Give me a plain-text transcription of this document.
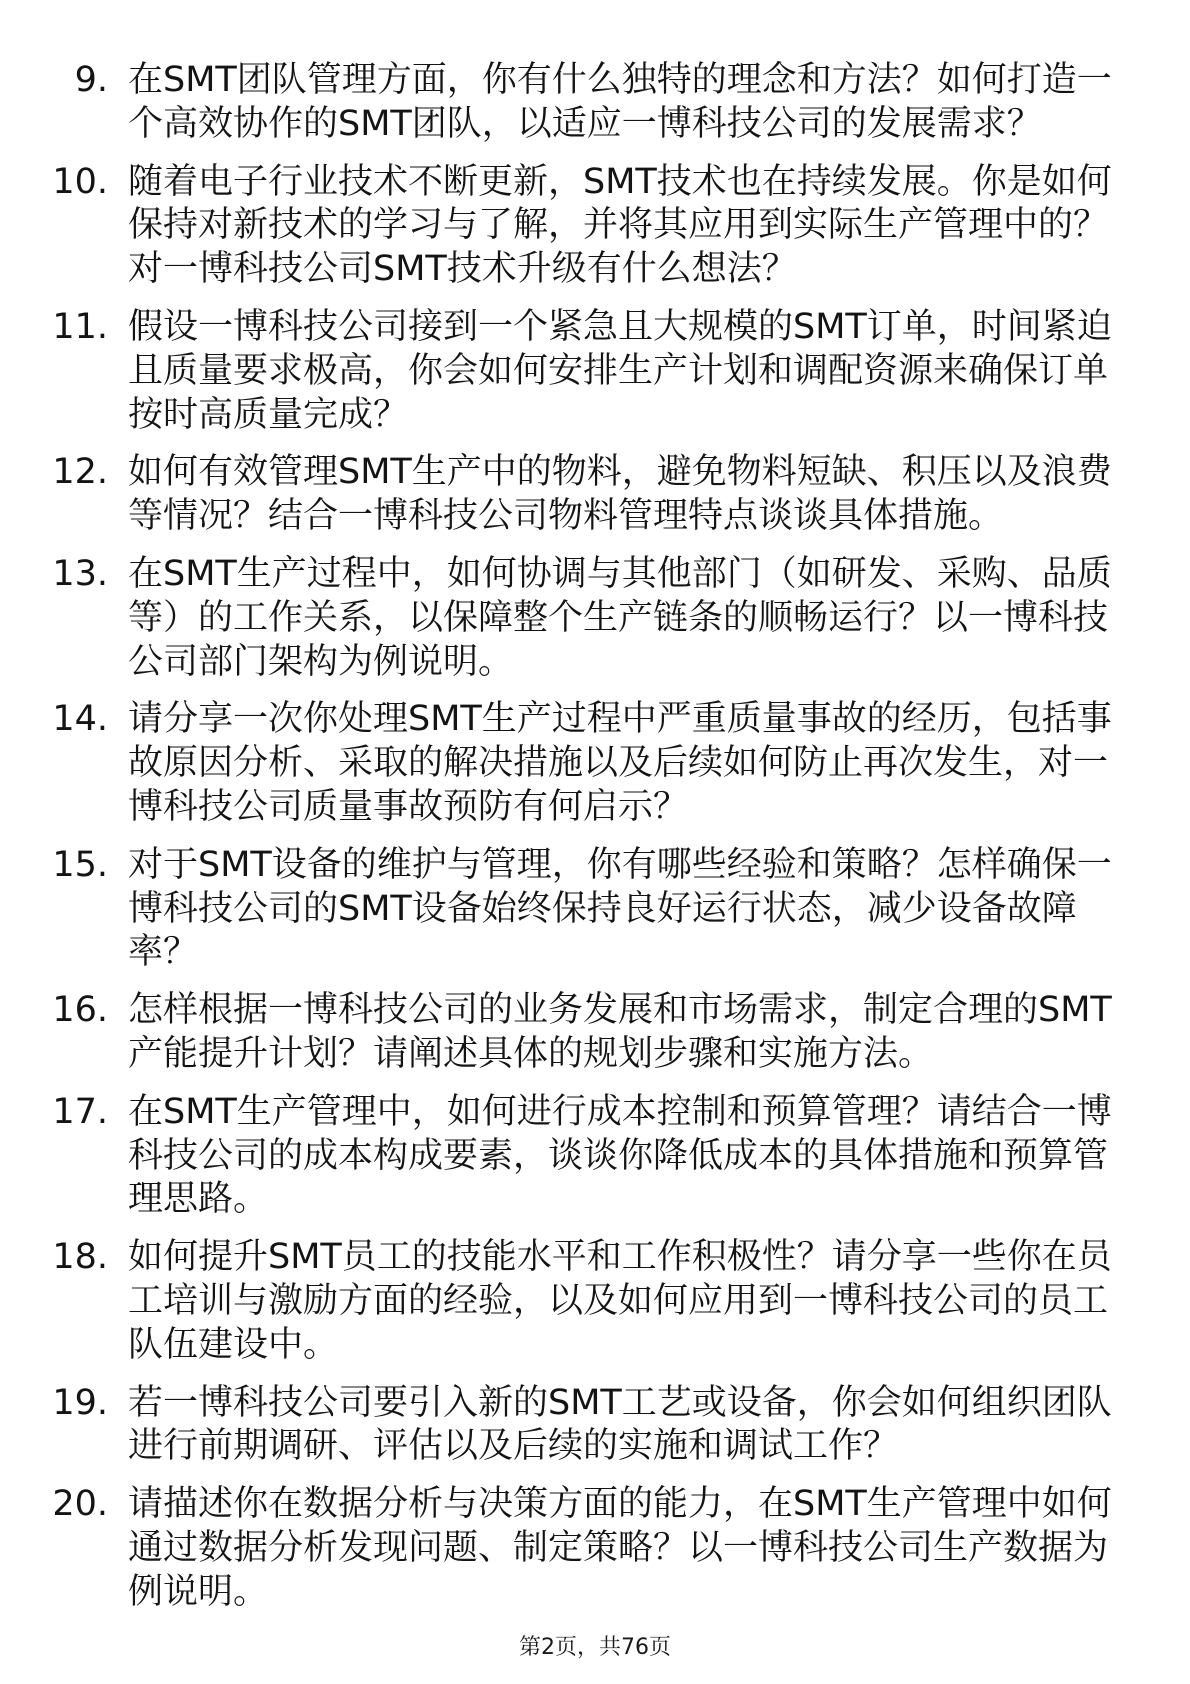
9. 在SMT团队管理方面，你有什么独特的理念和方法？如何打造一
个高效协作的SMT团队，以适应一博科技公司的发展需求？
10. 随着电子行业技术不断更新，SMT技术也在持续发展。你是如何
保持对新技术的学习与了解，并将其应用到实际生产管理中的？
对一博科技公司SMT技术升级有什么想法？
11. 假设一博科技公司接到一个紧急且大规模的SMT订单，时间紧迫
且质量要求极高，你会如何安排生产计划和调配资源来确保订单
按时高质量完成？
12. 如何有效管理SMT生产中的物料，避免物料短缺、积压以及浪费
等情况？结合一博科技公司物料管理特点谈谈具体措施。
13. 在SMT生产过程中，如何协调与其他部门（如研发、采购、品质
等）的工作关系，以保障整个生产链条的顺畅运行？以一博科技
公司部门架构为例说明。
14. 请分享一次你处理SMT生产过程中严重质量事故的经历，包括事
故原因分析、采取的解决措施以及后续如何防止再次发生，对一
博科技公司质量事故预防有何启示？
15. 对于SMT设备的维护与管理，你有哪些经验和策略？怎样确保一
博科技公司的SMT设备始终保持良好运行状态，减少设备故障
率？
16. 怎样根据一博科技公司的业务发展和市场需求，制定合理的SMT
产能提升计划？请阐述具体的规划步骤和实施方法。
17. 在SMT生产管理中，如何进行成本控制和预算管理？请结合一博
科技公司的成本构成要素，谈谈你降低成本的具体措施和预算管
理思路。
18. 如何提升SMT员工的技能水平和工作积极性？请分享一些你在员
工培训与激励方面的经验，以及如何应用到一博科技公司的员工
队伍建设中。
19. 若一博科技公司要引入新的SMT工艺或设备，你会如何组织团队
进行前期调研、评估以及后续的实施和调试工作？
20. 请描述你在数据分析与决策方面的能力，在SMT生产管理中如何
通过数据分析发现问题、制定策略？以一博科技公司生产数据为
例说明。
第2页，共76页
